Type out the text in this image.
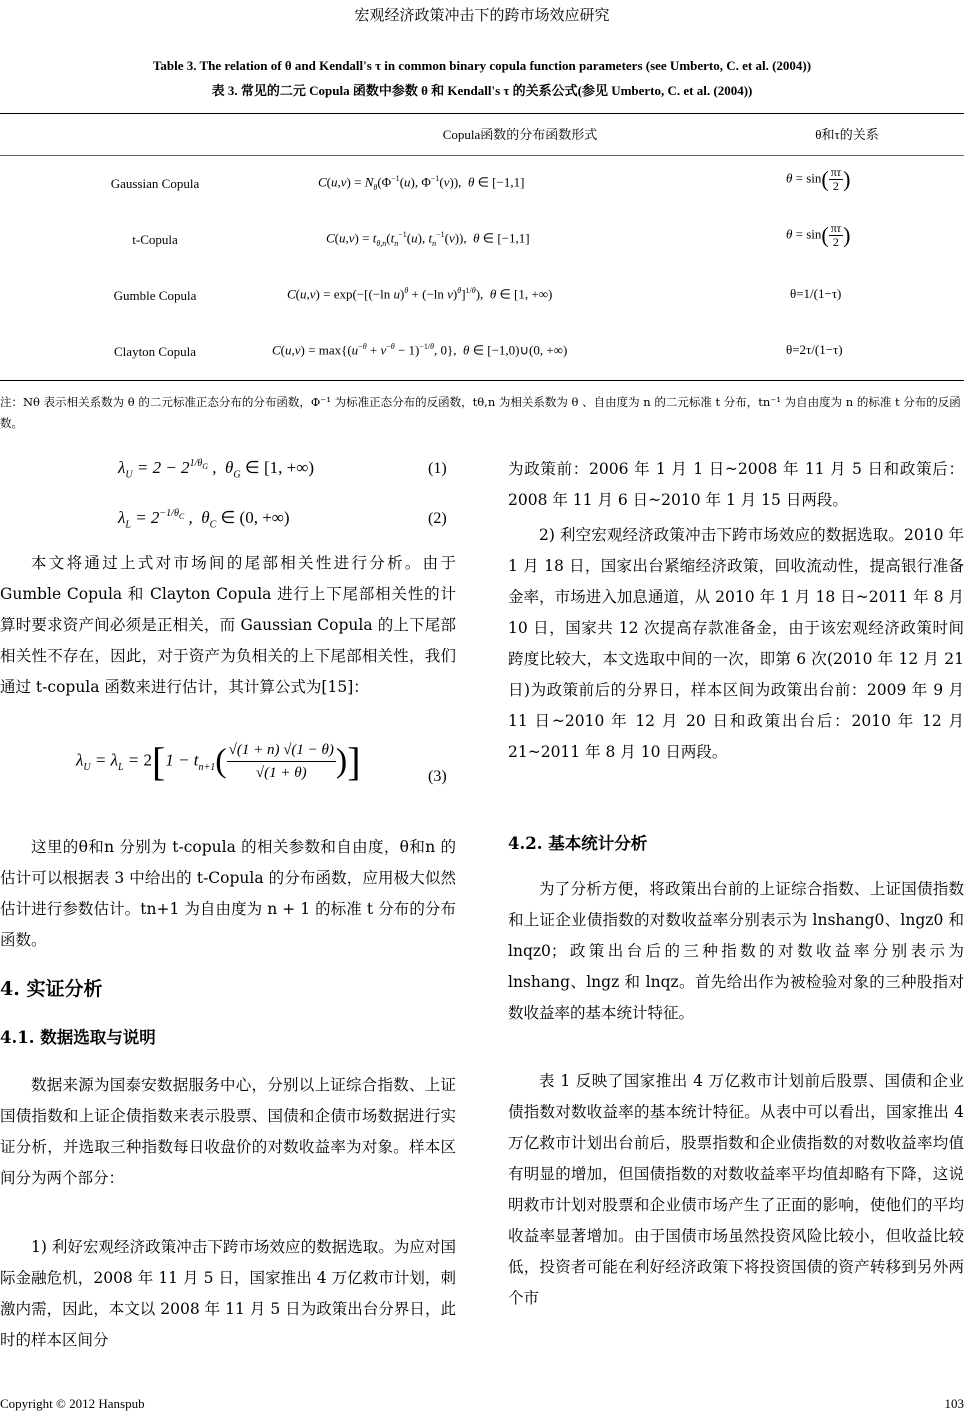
宏观经济政策冲击下的跨市场效应研究
Table 3. The relation of θ and Kendall's τ in common binary copula function parameters (see Umberto, C. et al. (2004))
表 3. 常见的二元 Copula 函数中参数 θ 和 Kendall's τ 的关系公式(参见 Umberto, C. et al. (2004))
Copula函数的分布函数形式	θ和τ的关系
Gaussian Copula	$C(u,v) = N_\theta(\Phi^{-1}(u)$, $\Phi^{-1}(v)$),  θ ∈ [−1,1]	$\theta = \sin( \frac{\pi\tau}{2}$ )
t-Copula	$C(u,v) = t_{\theta,n}(t_n^{-1}(u)$, $t_n^{-1}(v)$),  θ ∈ [−1,1]	$\theta = \sin( \frac{\pi\tau}{2}$ )
Gumble Copula	C(u,v) = exp(−[(−ln u)$^\theta$ + (−ln v)$^\theta$]$^{1/\theta}$),  θ ∈ [1, +∞)	θ=1/(1−τ)
Clayton Copula	$C(u,v) = \max\{(u^{-\theta} + v^{-\theta} - 1)^{-1/\theta}$, 0},  θ ∈ [−1,0)∪(0, +∞)	θ=2τ/(1−τ)
注：Nθ 表示相关系数为 θ 的二元标准正态分布的分布函数，Φ⁻¹ 为标准正态分布的反函数，tθ,n 为相关系数为 θ 、自由度为 n 的二元标准 t 分布，tn⁻¹ 为自由度为 n 的标准 t 分布的反函数。
$\lambda_U = 2 - 2^{1/\theta_G}$ ,  $\theta_G$ ∈ [1, +∞)	(1)
$\lambda_L = 2^{-1/\theta_C}$ ,  $\theta_C$ ∈ (0, +∞)	(2)

本文将通过上式对市场间的尾部相关性进行分析。由于 Gumble Copula 和 Clayton Copula 进行上下尾部相关性的计算时要求资产间必须是正相关，而 Gaussian Copula 的上下尾部相关性不存在，因此，对于资产为负相关的上下尾部相关性，我们通过 t-copula 函数来进行估计，其计算公式为[15]：

$\lambda_U = \lambda_L = 2[1 - t_{n+1}( \frac{√(1 + n) √(1 - \theta)}{√(1 + \theta)}$ )]	(3)

这里的θ和n 分别为 t-copula 的相关参数和自由度，θ和n 的估计可以根据表 3 中给出的 t-Copula 的分布函数，应用极大似然估计进行参数估计。tn+1 为自由度为 n + 1 的标准 t 分布的分布函数。

4. 实证分析
4.1. 数据选取与说明

数据来源为国泰安数据服务中心，分别以上证综合指数、上证国债指数和上证企债指数来表示股票、国债和企债市场数据进行实证分析，并选取三种指数每日收盘价的对数收益率为对象。样本区间分为两个部分：

1) 利好宏观经济政策冲击下跨市场效应的数据选取。为应对国际金融危机，2008 年 11 月 5 日，国家推出 4 万亿救市计划，刺激内需，因此，本文以 2008 年 11 月 5 日为政策出台分界日，此时的样本区间分

为政策前：2006 年 1 月 1 日~2008 年 11 月 5 日和政策后：2008 年 11 月 6 日~2010 年 1 月 15 日两段。

2) 利空宏观经济政策冲击下跨市场效应的数据选取。2010 年 1 月 18 日，国家出台紧缩经济政策，回收流动性，提高银行准备金率，市场进入加息通道，从 2010 年 1 月 18 日~2011 年 8 月 10 日，国家共 12 次提高存款准备金，由于该宏观经济政策时间跨度比较大，本文选取中间的一次，即第 6 次(2010 年 12 月 21 日)为政策前后的分界日，样本区间为政策出台前：2009 年 9 月 11 日~2010 年 12 月 20 日和政策出台后：2010 年 12 月 21~2011 年 8 月 10 日两段。

4.2. 基本统计分析

为了分析方便，将政策出台前的上证综合指数、上证国债指数和上证企业债指数的对数收益率分别表示为 lnshang0、lngz0 和 lnqz0；政策出台后的三种指数的对数收益率分别表示为 lnshang、lngz 和 lnqz。首先给出作为被检验对象的三种股指对数收益率的基本统计特征。

表 1 反映了国家推出 4 万亿救市计划前后股票、国债和企业债指数对数收益率的基本统计特征。从表中可以看出，国家推出 4 万亿救市计划出台前后，股票指数和企业债指数的对数收益率均值有明显的增加，但国债指数的对数收益率平均值却略有下降，这说明救市计划对股票和企业债市场产生了正面的影响，使他们的平均收益率显著增加。由于国债市场虽然投资风险比较小，但收益比较低，投资者可能在利好经济政策下将投资国债的资产转移到另外两个市

Copyright © 2012 Hanspub	103
